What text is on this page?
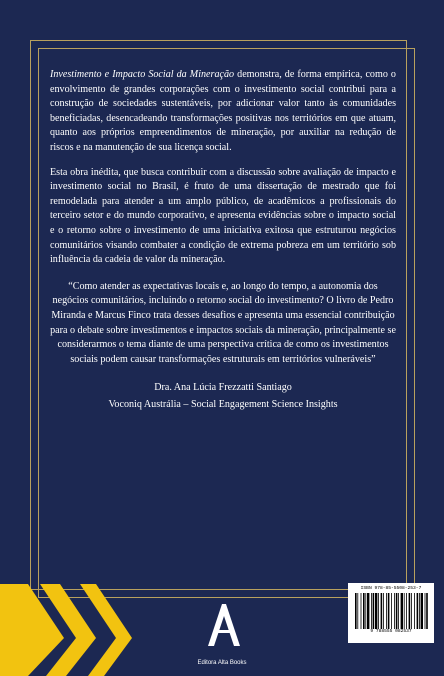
Investimento e Impacto Social da Mineração demonstra, de forma empírica, como o envolvimento de grandes corporações com o investimento social contribui para a construção de sociedades sustentáveis, por adicionar valor tanto às comunidades beneficiadas, desencadeando transformações positivas nos territórios em que atuam, quanto aos próprios empreendimentos de mineração, por auxiliar na redução de riscos e na manutenção de sua licença social.

Esta obra inédita, que busca contribuir com a discussão sobre avaliação de impacto e investimento social no Brasil, é fruto de uma dissertação de mestrado que foi remodelada para atender a um amplo público, de acadêmicos a profissionais do terceiro setor e do mundo corporativo, e apresenta evidências sobre o impacto social e o retorno sobre o investimento de uma iniciativa exitosa que estruturou negócios comunitários visando combater a condição de extrema pobreza em um território sob influência da cadeia de valor da mineração.

“Como atender as expectativas locais e, ao longo do tempo, a autonomia dos negócios comunitários, incluindo o retorno social do investimento? O livro de Pedro Miranda e Marcus Finco trata desses desafios e apresenta uma essencial contribuição para o debate sobre investimentos e impactos sociais da mineração, principalmente se considerarmos o tema diante de uma perspectiva crítica de como os investimentos sociais podem causar transformações estruturais em territórios vulneráveis”

Dra. Ana Lúcia Frezzatti Santiago
Voconiq Austrália – Social Engagement Science Insights
Editora Alta Books
ISBN 978-85-5508-253-7
9 788555 082537
